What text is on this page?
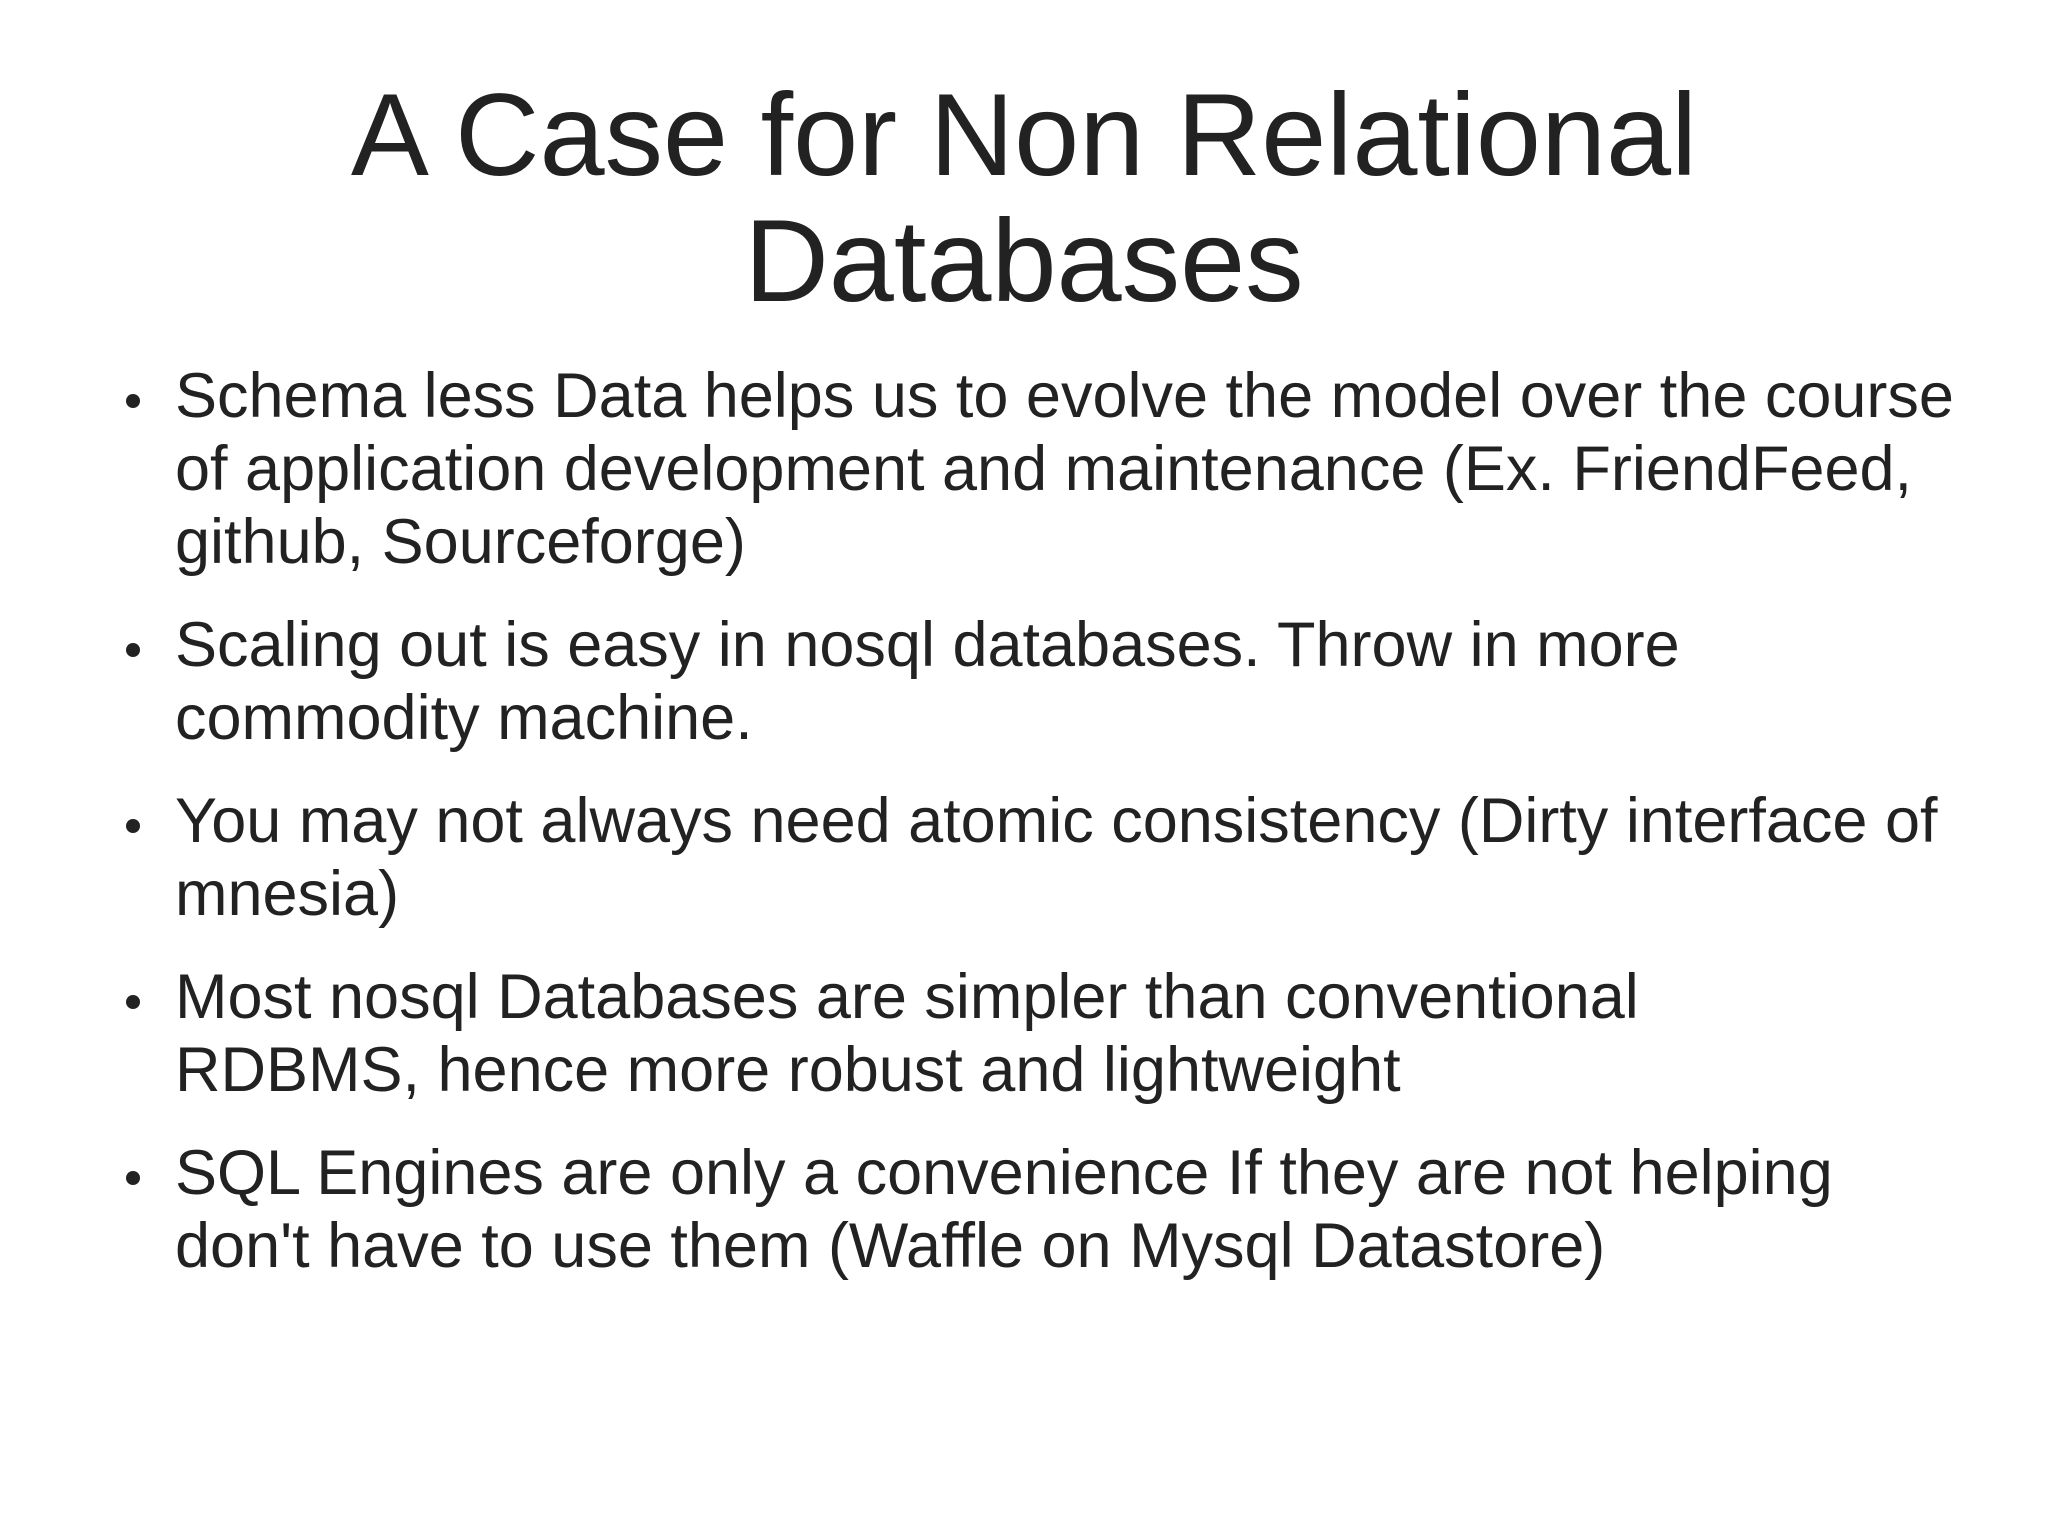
A Case for Non Relational
Databases
Schema less Data helps us to evolve the model over the course of application development and maintenance (Ex. FriendFeed, github, Sourceforge)
Scaling out is easy in nosql databases. Throw in more commodity machine.
You may not always need atomic consistency (Dirty interface of mnesia)
Most nosql Databases are simpler than conventional RDBMS, hence more robust and lightweight
SQL Engines are only a convenience If they are not helping don't have to use them (Waffle on Mysql Datastore)
